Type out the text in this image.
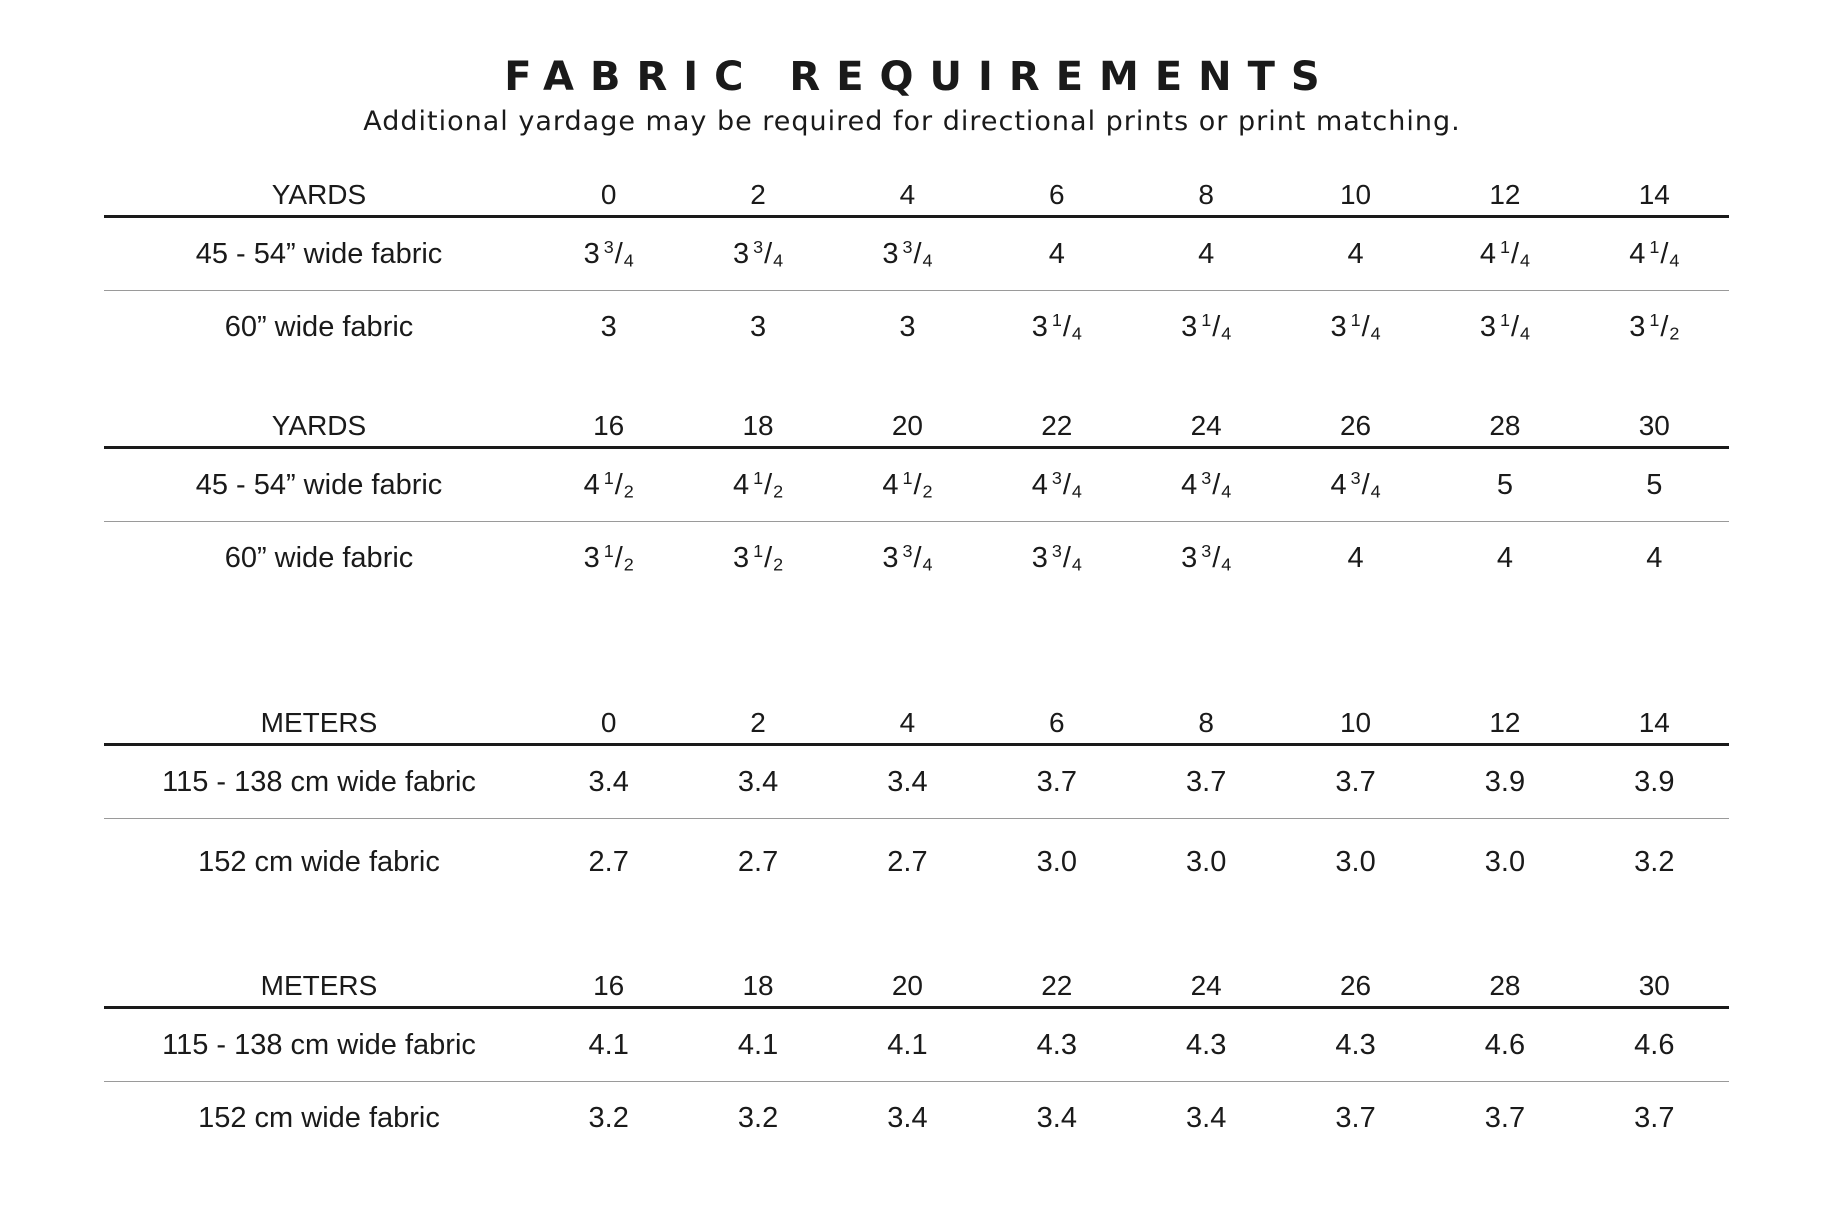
FABRIC REQUIREMENTS
Additional yardage may be required for directional prints or print matching.
YARDS	0	2	4	6	8	10	12	14
45 - 54” wide fabric	3 $^3/_4$	3 $^3/_4$	3 $^3/_4$	4	4	4	4 $^1/_4$	4 $^1/_4$
60” wide fabric	3	3	3	3 $^1/_4$	3 $^1/_4$	3 $^1/_4$	3 $^1/_4$	3 $^1/_2$
YARDS	16	18	20	22	24	26	28	30
45 - 54” wide fabric	4 $^1/_2$	4 $^1/_2$	4 $^1/_2$	4 $^3/_4$	4 $^3/_4$	4 $^3/_4$	5	5
60” wide fabric	3 $^1/_2$	3 $^1/_2$	3 $^3/_4$	3 $^3/_4$	3 $^3/_4$	4	4	4
METERS	0	2	4	6	8	10	12	14
115 - 138 cm wide fabric	3.4	3.4	3.4	3.7	3.7	3.7	3.9	3.9
152 cm wide fabric	2.7	2.7	2.7	3.0	3.0	3.0	3.0	3.2
METERS	16	18	20	22	24	26	28	30
115 - 138 cm wide fabric	4.1	4.1	4.1	4.3	4.3	4.3	4.6	4.6
152 cm wide fabric	3.2	3.2	3.4	3.4	3.4	3.7	3.7	3.7
